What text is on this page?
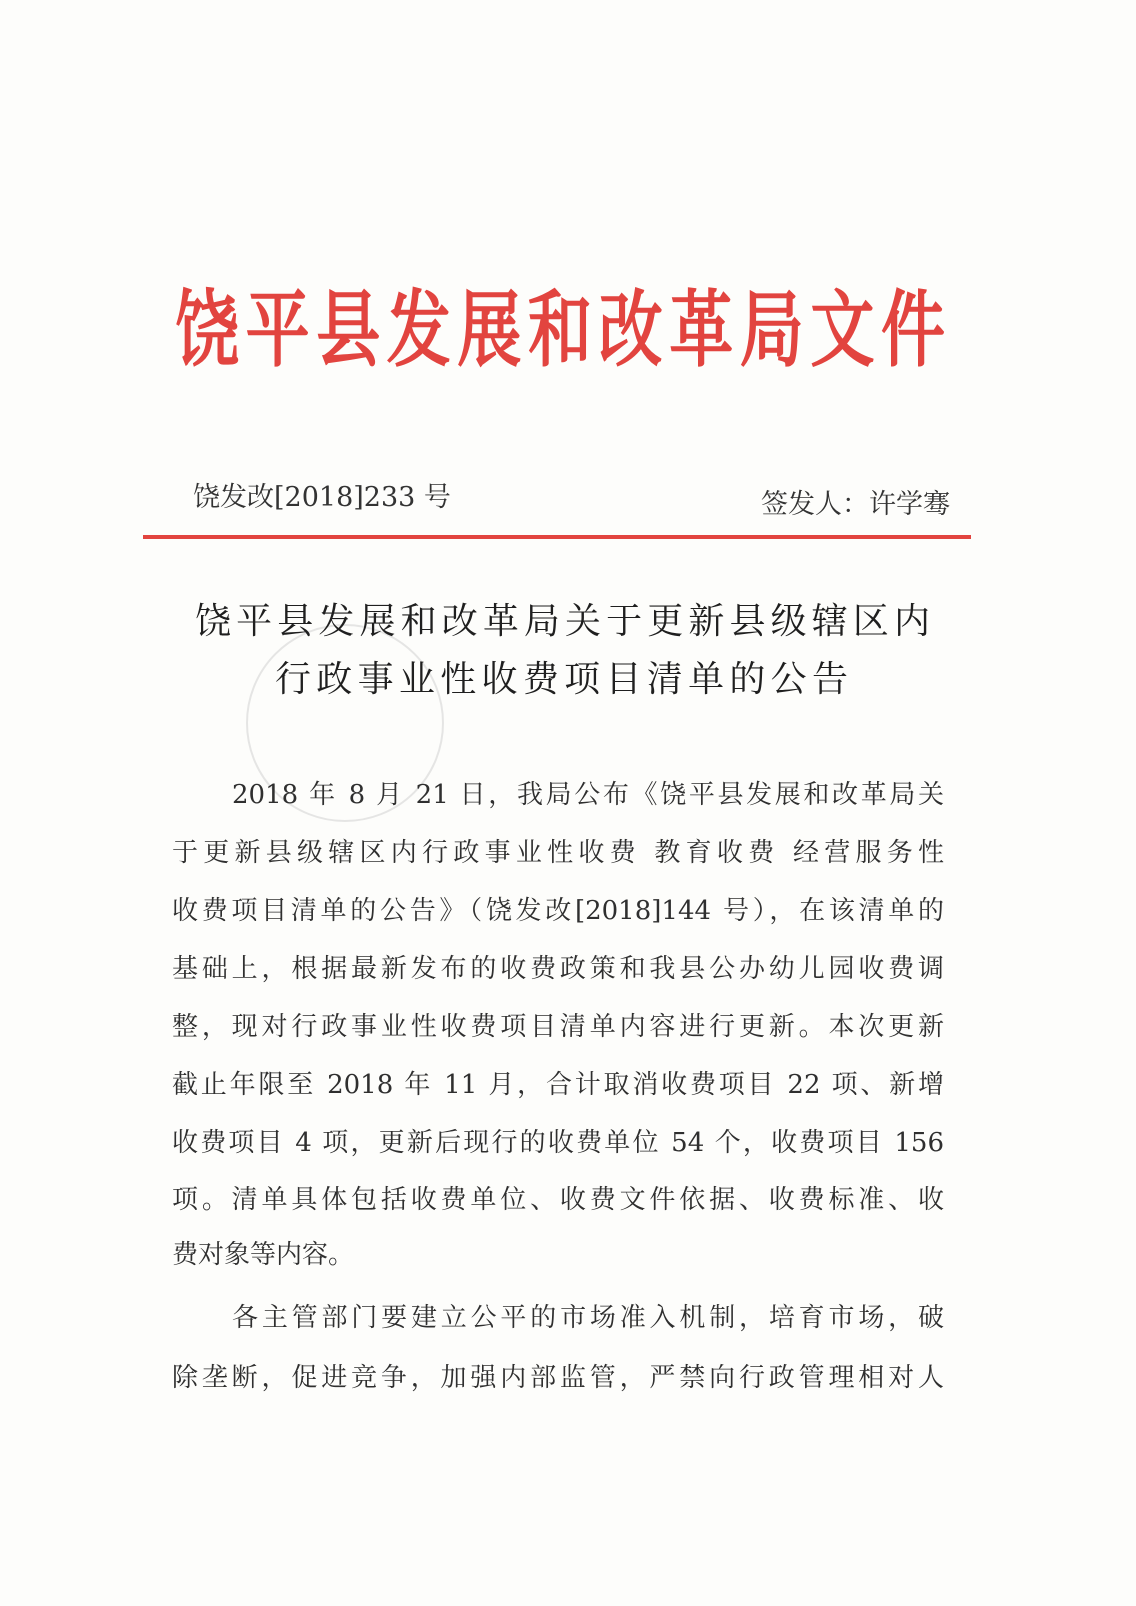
饶平县发展和改革局文件
饶发改[2018]233 号	签发人：许学骞
饶平县发展和改革局关于更新县级辖区内
行政事业性收费项目清单的公告
2018 年 8 月 21 日，我局公布《饶平县发展和改革局关
于更新县级辖区内行政事业性收费 教育收费 经营服务性
收费项目清单的公告》（饶发改[2018]144 号），在该清单的
基础上，根据最新发布的收费政策和我县公办幼儿园收费调
整，现对行政事业性收费项目清单内容进行更新。本次更新
截止年限至 2018 年 11 月，合计取消收费项目 22 项、新增
收费项目 4 项，更新后现行的收费单位 54 个，收费项目 156
项。清单具体包括收费单位、收费文件依据、收费标准、收
费对象等内容。
各主管部门要建立公平的市场准入机制，培育市场，破
除垄断，促进竞争，加强内部监管，严禁向行政管理相对人
